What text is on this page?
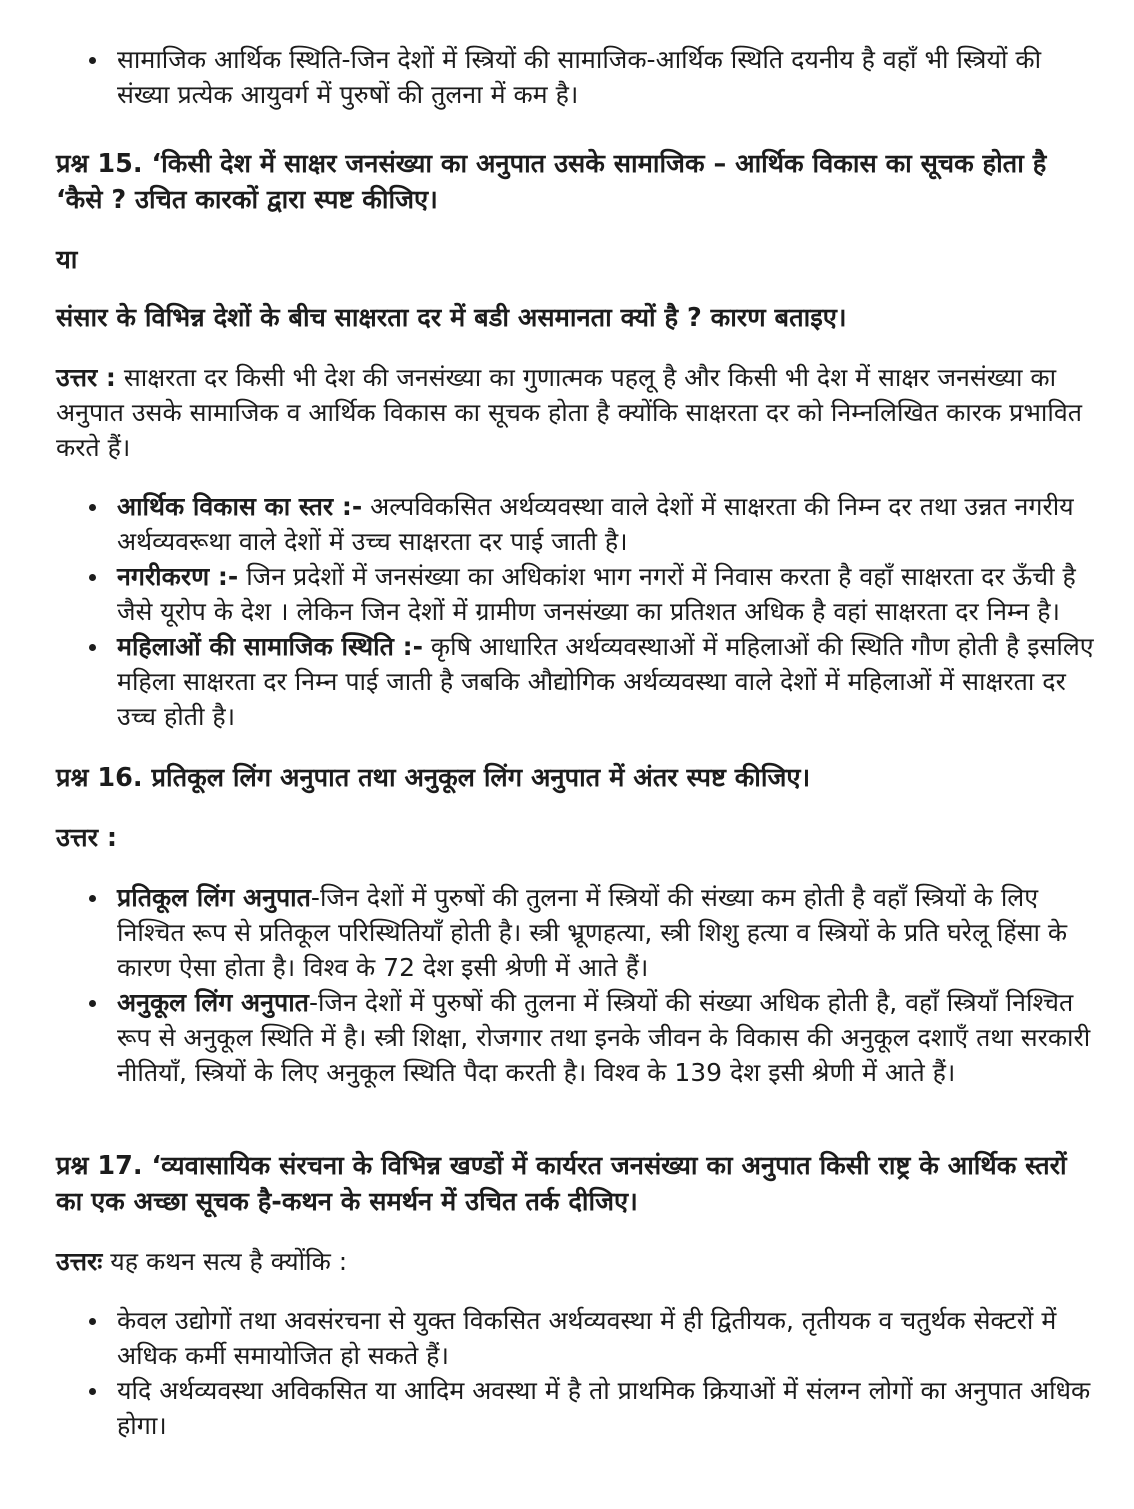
सामाजिक आर्थिक स्थिति-जिन देशों में स्त्रियों की सामाजिक-आर्थिक स्थिति दयनीय है वहाँ भी स्त्रियों की संख्या प्रत्येक आयुवर्ग में पुरुषों की तुलना में कम है।

प्रश्न 15. ‘किसी देश में साक्षर जनसंख्या का अनुपात उसके सामाजिक – आर्थिक विकास का सूचक होता है ‘कैसे ? उचित कारकों द्वारा स्पष्ट कीजिए।

या

संसार के विभिन्न देशों के बीच साक्षरता दर में बडी असमानता क्यों है ? कारण बताइए।

उत्तर : साक्षरता दर किसी भी देश की जनसंख्या का गुणात्मक पहलू है और किसी भी देश में साक्षर जनसंख्या का अनुपात उसके सामाजिक व आर्थिक विकास का सूचक होता है क्योंकि साक्षरता दर को निम्नलिखित कारक प्रभावित करते हैं।

आर्थिक विकास का स्तर :- अल्पविकसित अर्थव्यवस्था वाले देशों में साक्षरता की निम्न दर तथा उन्नत नगरीय अर्थव्यवरूथा वाले देशों में उच्च साक्षरता दर पाई जाती है।
नगरीकरण :- जिन प्रदेशों में जनसंख्या का अधिकांश भाग नगरों में निवास करता है वहाँ साक्षरता दर ऊँची है जैसे यूरोप के देश । लेकिन जिन देशों में ग्रामीण जनसंख्या का प्रतिशत अधिक है वहां साक्षरता दर निम्न है।
महिलाओं की सामाजिक स्थिति :- कृषि आधारित अर्थव्यवस्थाओं में महिलाओं की स्थिति गौण होती है इसलिए महिला साक्षरता दर निम्न पाई जाती है जबकि औद्योगिक अर्थव्यवस्था वाले देशों में महिलाओं में साक्षरता दर उच्च होती है।

प्रश्न 16. प्रतिकूल लिंग अनुपात तथा अनुकूल लिंग अनुपात में अंतर स्पष्ट कीजिए।

उत्तर :

प्रतिकूल लिंग अनुपात-जिन देशों में पुरुषों की तुलना में स्त्रियों की संख्या कम होती है वहाँ स्त्रियों के लिए निश्चित रूप से प्रतिकूल परिस्थितियाँ होती है। स्त्री भ्रूणहत्या, स्त्री शिशु हत्या व स्त्रियों के प्रति घरेलू हिंसा के कारण ऐसा होता है। विश्व के 72 देश इसी श्रेणी में आते हैं।
अनुकूल लिंग अनुपात-जिन देशों में पुरुषों की तुलना में स्त्रियों की संख्या अधिक होती है, वहाँ स्त्रियाँ निश्चित रूप से अनुकूल स्थिति में है। स्त्री शिक्षा, रोजगार तथा इनके जीवन के विकास की अनुकूल दशाएँ तथा सरकारी नीतियाँ, स्त्रियों के लिए अनुकूल स्थिति पैदा करती है। विश्व के 139 देश इसी श्रेणी में आते हैं।

प्रश्न 17. ‘व्यवासायिक संरचना के विभिन्न खण्डों में कार्यरत जनसंख्या का अनुपात किसी राष्ट्र के आर्थिक स्तरों का एक अच्छा सूचक है-कथन के समर्थन में उचित तर्क दीजिए।

उत्तरः यह कथन सत्य है क्योंकि :

केवल उद्योगों तथा अवसंरचना से युक्त विकसित अर्थव्यवस्था में ही द्वितीयक, तृतीयक व चतुर्थक सेक्टरों में अधिक कर्मी समायोजित हो सकते हैं।
यदि अर्थव्यवस्था अविकसित या आदिम अवस्था में है तो प्राथमिक क्रियाओं में संलग्न लोगों का अनुपात अधिक होगा।
